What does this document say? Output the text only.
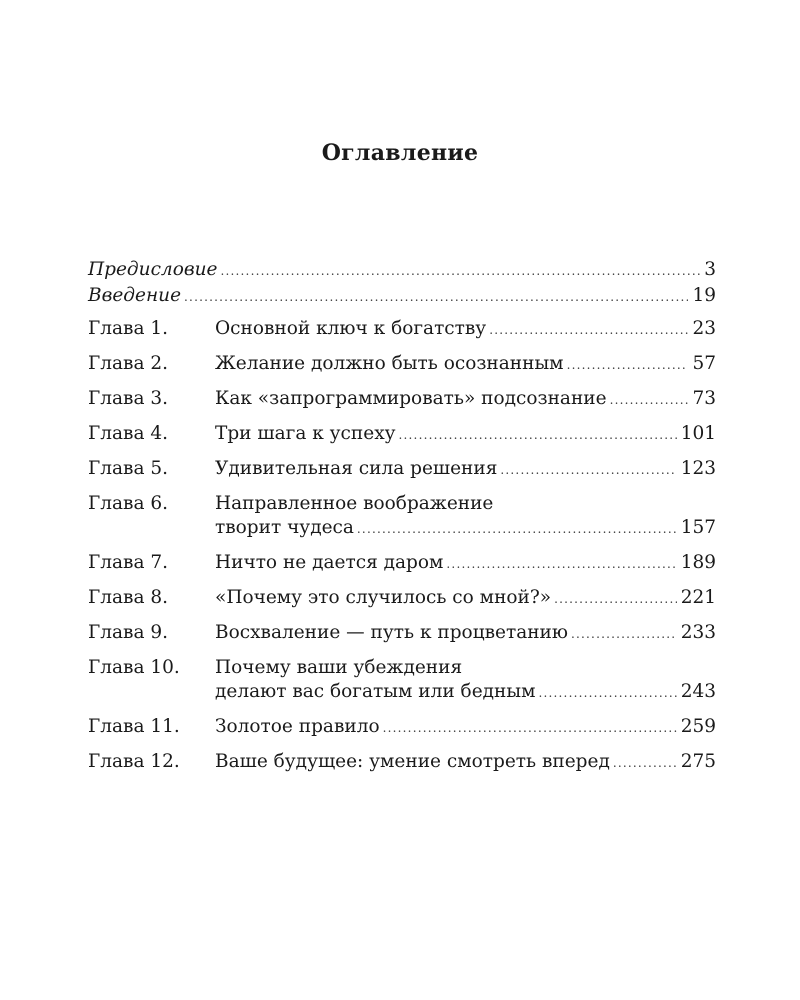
Оглавление
Предисловие .....	3
Введение .....	19
Глава 1.	Основной ключ к богатству .....	23
Глава 2.	Желание должно быть осознанным .....	57
Глава 3.	Как «запрограммировать» подсознание .....	73
Глава 4.	Три шага к успеху .....	101
Глава 5.	Удивительная сила решения .....	123
Глава 6.	Направленное воображение
творит чудеса .....	157
Глава 7.	Ничто не дается даром .....	189
Глава 8.	«Почему это случилось со мной?» .....	221
Глава 9.	Восхваление — путь к процветанию .....	233
Глава 10.	Почему ваши убеждения
делают вас богатым или бедным .....	243
Глава 11.	Золотое правило .....	259
Глава 12.	Ваше будущее: умение смотреть вперед .....	275
